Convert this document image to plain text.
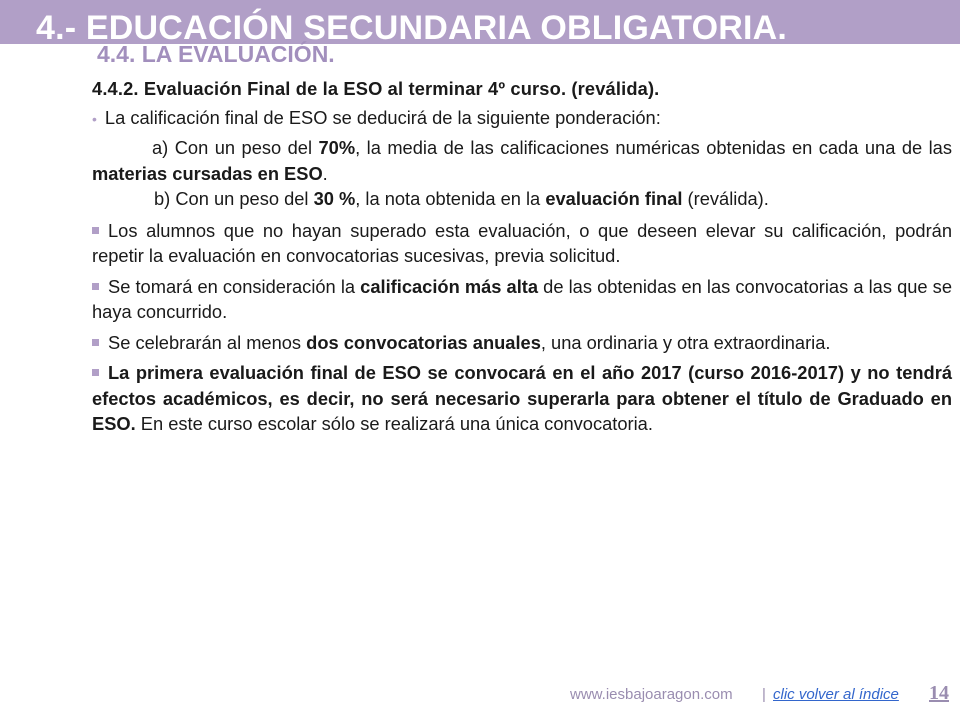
4.- EDUCACIÓN SECUNDARIA OBLIGATORIA.
4.4. LA EVALUACIÓN.

4.4.2. Evaluación Final de la ESO al terminar 4º curso. (reválida).

• La calificación final de ESO se deducirá de la siguiente ponderación:

a) Con un peso del 70%, la media de las calificaciones numéricas obtenidas en cada una de las materias cursadas en ESO.

b) Con un peso del 30 %, la nota obtenida en la evaluación final (reválida).

Los alumnos que no hayan superado esta evaluación, o que deseen elevar su calificación, podrán repetir la evaluación en convocatorias sucesivas, previa solicitud.

Se tomará en consideración la calificación más alta de las obtenidas en las convocatorias a las que se haya concurrido.

Se celebrarán al menos dos convocatorias anuales, una ordinaria y otra extraordinaria.

La primera evaluación final de ESO se convocará en el año 2017 (curso 2016-2017) y no tendrá efectos académicos, es decir, no será necesario superarla para obtener el título de Graduado en ESO. En este curso escolar sólo se realizará una única convocatoria.

www.iesbajoaragon.com | clic volver al índice 14
